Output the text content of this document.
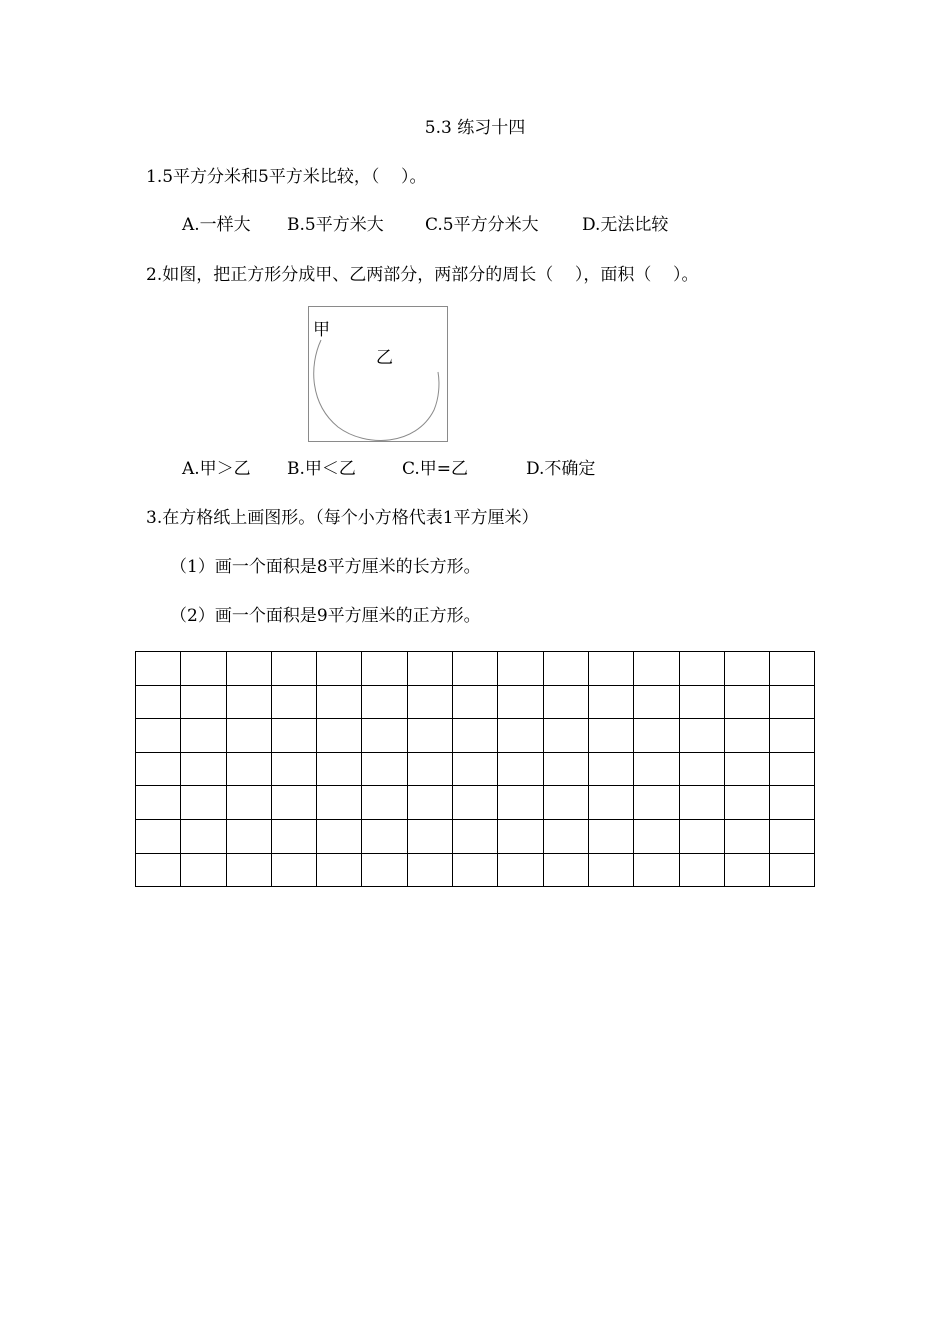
5.3 练习十四
1.5平方分米和5平方米比较，（    ）。
A.一样大 B.5平方米大 C.5平方分米大	D.无法比较
2.如图，把正方形分成甲、乙两部分，两部分的周长（    ），面积（    ）。
甲
乙
A.甲＞乙 B.甲＜乙	C.甲=乙	D.不确定
3.在方格纸上画图形。（每个小方格代表1平方厘米）
（1）画一个面积是8平方厘米的长方形。
（2）画一个面积是9平方厘米的正方形。
